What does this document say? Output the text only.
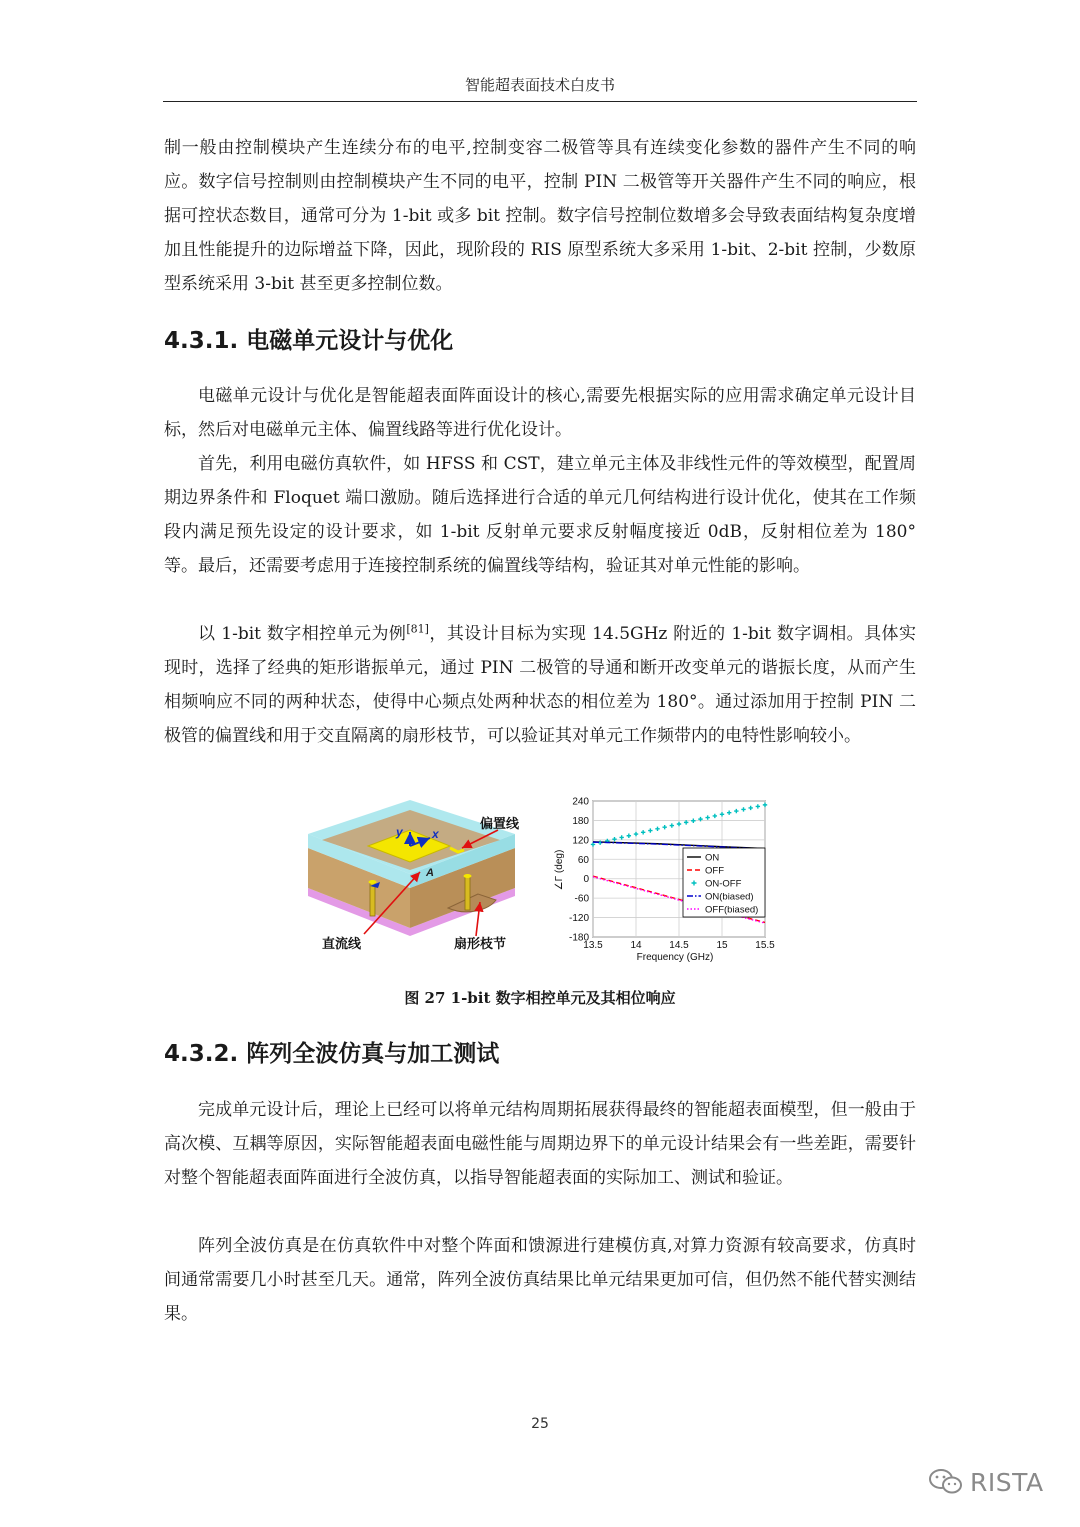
智能超表面技术白皮书

制一般由控制模块产生连续分布的电平,控制变容二极管等具有连续变化参数的器件产生不同的响应。数字信号控制则由控制模块产生不同的电平，控制 PIN 二极管等开关器件产生不同的响应，根据可控状态数目，通常可分为 1-bit 或多 bit 控制。数字信号控制位数增多会导致表面结构复杂度增加且性能提升的边际增益下降，因此，现阶段的 RIS 原型系统大多采用 1-bit、2-bit 控制，少数原型系统采用 3-bit 甚至更多控制位数。

4.3.1. 电磁单元设计与优化

电磁单元设计与优化是智能超表面阵面设计的核心,需要先根据实际的应用需求确定单元设计目标，然后对电磁单元主体、偏置线路等进行优化设计。

首先，利用电磁仿真软件，如 HFSS 和 CST，建立单元主体及非线性元件的等效模型，配置周期边界条件和 Floquet 端口激励。随后选择进行合适的单元几何结构进行设计优化，使其在工作频段内满足预先设定的设计要求，如 1-bit 反射单元要求反射幅度接近 0dB，反射相位差为 180° 等。最后，还需要考虑用于连接控制系统的偏置线等结构，验证其对单元性能的影响。

以 1-bit 数字相控单元为例[81]，其设计目标为实现 14.5GHz 附近的 1-bit 数字调相。具体实现时，选择了经典的矩形谐振单元，通过 PIN 二极管的导通和断开改变单元的谐振长度，从而产生相频响应不同的两种状态，使得中心频点处两种状态的相位差为 180°。通过添加用于控制 PIN 二极管的偏置线和用于交直隔离的扇形枝节，可以验证其对单元工作频带内的电特性影响较小。

y x
A
偏置线
直流线	扇形枝节	13.5	14	14.5	15	15.5
240
180
120
60
0
-60
-120
-180
ON
OFF
ON-OFF
ON(biased)
OFF(biased)
Frequency (GHz)
∠Γ (deg)
图 27 1-bit 数字相控单元及其相位响应
4.3.2. 阵列全波仿真与加工测试

完成单元设计后，理论上已经可以将单元结构周期拓展获得最终的智能超表面模型，但一般由于高次模、互耦等原因，实际智能超表面电磁性能与周期边界下的单元设计结果会有一些差距，需要针对整个智能超表面阵面进行全波仿真，以指导智能超表面的实际加工、测试和验证。

阵列全波仿真是在仿真软件中对整个阵面和馈源进行建模仿真,对算力资源有较高要求，仿真时间通常需要几小时甚至几天。通常，阵列全波仿真结果比单元结果更加可信，但仍然不能代替实测结果。

25
RISTA
